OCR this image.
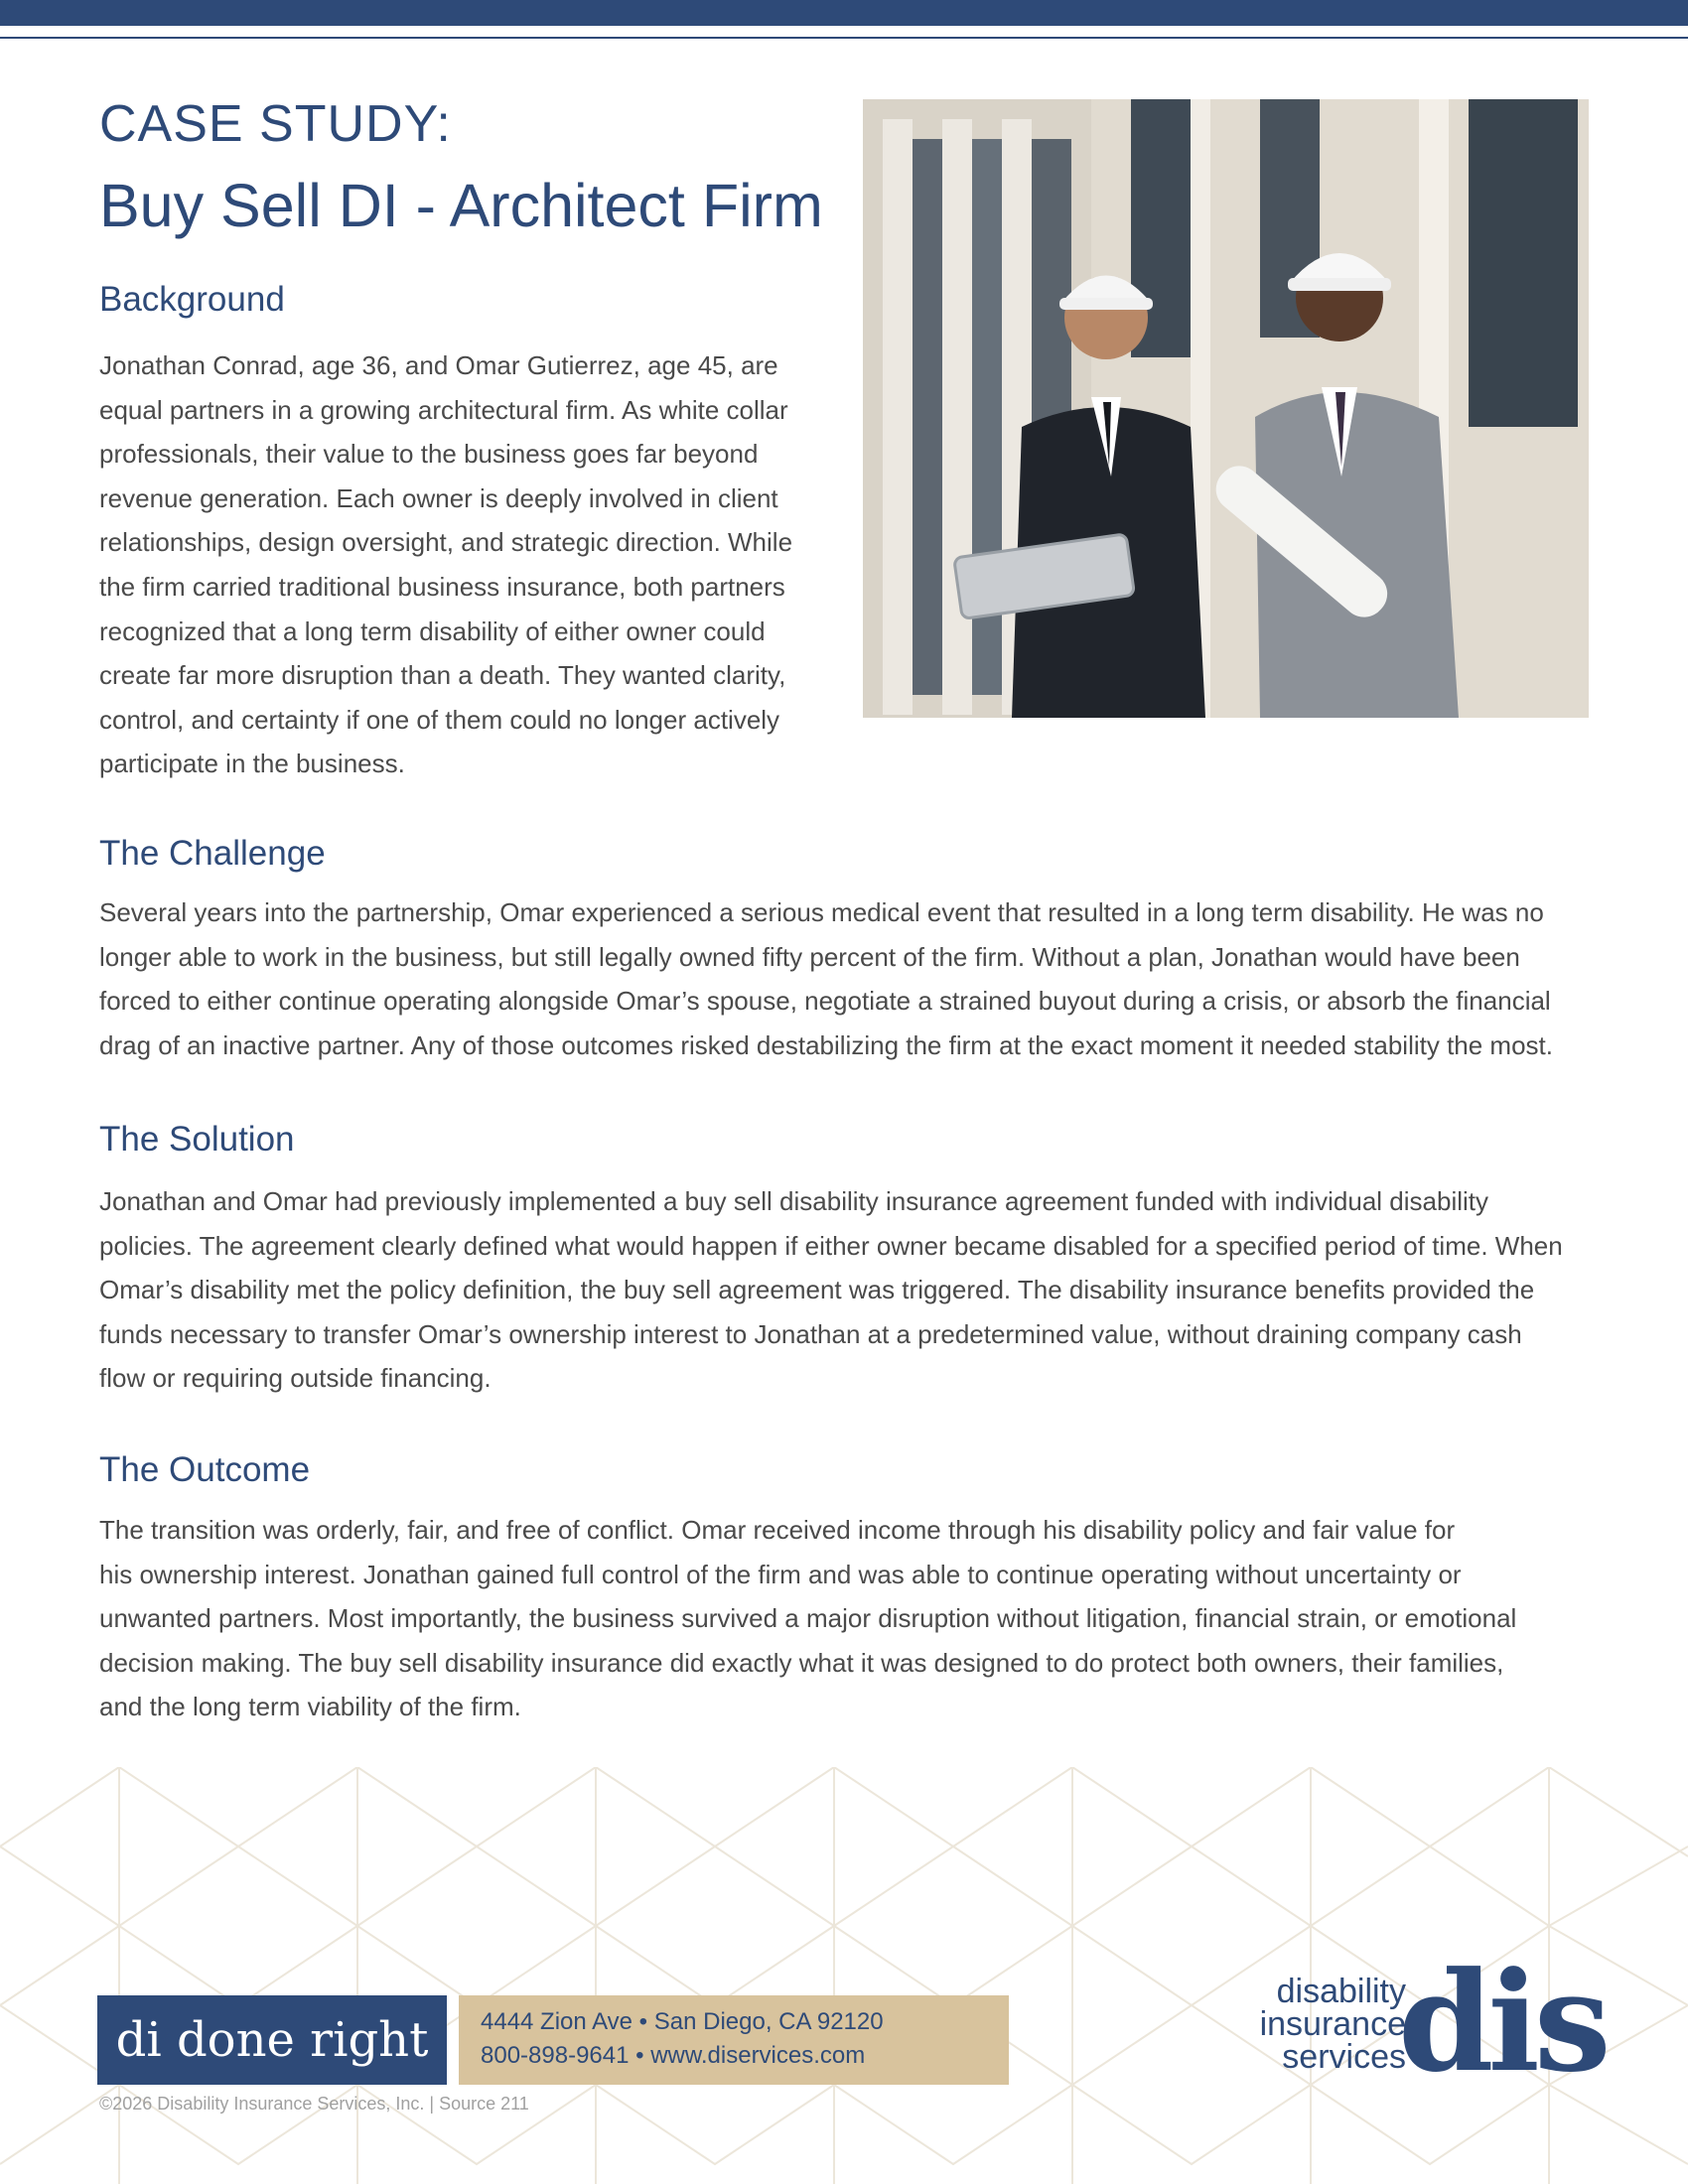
CASE STUDY:
Buy Sell DI - Architect Firm
Background
Jonathan Conrad, age 36, and Omar Gutierrez, age 45, are
equal partners in a growing architectural firm. As white collar
professionals, their value to the business goes far beyond
revenue generation. Each owner is deeply involved in client
relationships, design oversight, and strategic direction. While
the firm carried traditional business insurance, both partners
recognized that a long term disability of either owner could
create far more disruption than a death. They wanted clarity,
control, and certainty if one of them could no longer actively
participate in the business.
The Challenge
Several years into the partnership, Omar experienced a serious medical event that resulted in a long term disability. He was no
longer able to work in the business, but still legally owned fifty percent of the firm. Without a plan, Jonathan would have been
forced to either continue operating alongside Omar’s spouse, negotiate a strained buyout during a crisis, or absorb the financial
drag of an inactive partner. Any of those outcomes risked destabilizing the firm at the exact moment it needed stability the most.
The Solution
Jonathan and Omar had previously implemented a buy sell disability insurance agreement funded with individual disability
policies. The agreement clearly defined what would happen if either owner became disabled for a specified period of time. When
Omar’s disability met the policy definition, the buy sell agreement was triggered. The disability insurance benefits provided the
funds necessary to transfer Omar’s ownership interest to Jonathan at a predetermined value, without draining company cash
flow or requiring outside financing.
The Outcome
The transition was orderly, fair, and free of conflict. Omar received income through his disability policy and fair value for
his ownership interest. Jonathan gained full control of the firm and was able to continue operating without uncertainty or
unwanted partners. Most importantly, the business survived a major disruption without litigation, financial strain, or emotional
decision making. The buy sell disability insurance did exactly what it was designed to do protect both owners, their families,
and the long term viability of the firm.
di done right	4444 Zion Ave • San Diego, CA 92120
800-898-9641 • www.diservices.com
©2026 Disability Insurance Services, Inc. | Source 211
disability
insurance
services
dis
